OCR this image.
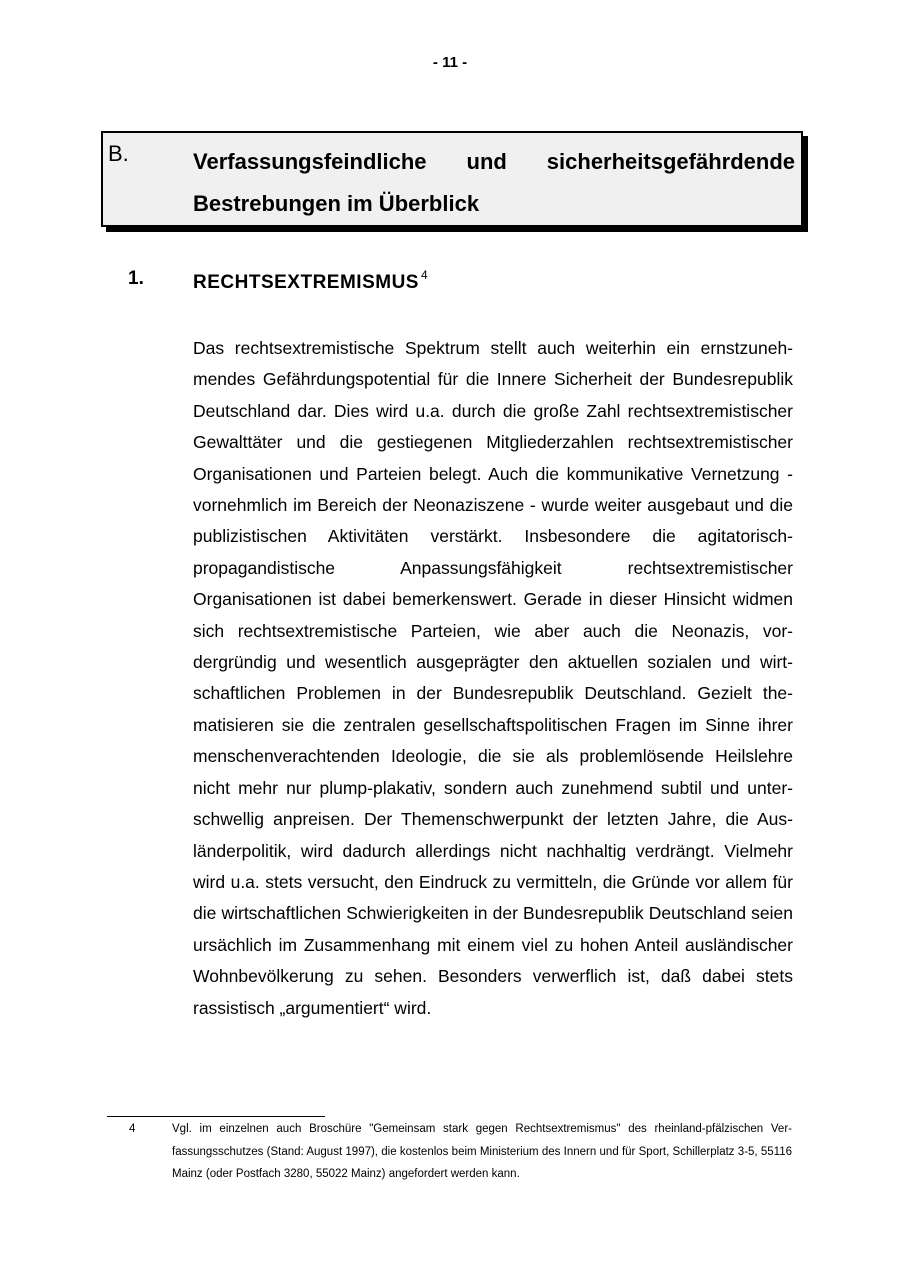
- 11 -
B.	Verfassungsfeindliche und sicherheitsgefährdende
Bestrebungen im Überblick
1.	RECHTSEXTREMISMUS $^4$
Das rechtsextremistische Spektrum stellt auch weiterhin ein ernstzunehmendes Gefährdungspotential für die Innere Sicherheit der Bundesrepublik Deutschland dar. Dies wird u.a. durch die große Zahl rechtsextremistischer Gewalttäter und die gestiegenen Mitgliederzahlen rechtsextremistischer Organisationen und Parteien belegt. Auch die kommunikative Vernetzung - vornehmlich im Bereich der Neonaziszene - wurde weiter ausgebaut und die publizistischen Aktivitäten verstärkt. Insbesondere die agitatorisch-propagandistische Anpassungsfähigkeit rechtsextremistischer Organisationen ist dabei bemerkenswert. Gerade in dieser Hinsicht widmen sich rechtsextremistische Parteien, wie aber auch die Neonazis, vordergründig und wesentlich ausgeprägter den aktuellen sozialen und wirtschaftlichen Problemen in der Bundesrepublik Deutschland. Gezielt thematisieren sie die zentralen gesellschaftspolitischen Fragen im Sinne ihrer menschenverachtenden Ideologie, die sie als problemlösende Heilslehre nicht mehr nur plump-plakativ, sondern auch zunehmend subtil und unterschwellig anpreisen. Der Themenschwerpunkt der letzten Jahre, die Ausländerpolitik, wird dadurch allerdings nicht nachhaltig verdrängt. Vielmehr wird u.a. stets versucht, den Eindruck zu vermitteln, die Gründe vor allem für die wirtschaftlichen Schwierigkeiten in der Bundesrepublik Deutschland seien ursächlich im Zusammenhang mit einem viel zu hohen Anteil ausländischer Wohnbevölkerung zu sehen. Besonders verwerflich ist, daß dabei stets rassistisch „argumentiert“ wird.
4	Vgl. im einzelnen auch Broschüre "Gemeinsam stark gegen Rechtsextremismus" des rheinland-pfälzischen Verfassungsschutzes (Stand: August 1997), die kostenlos beim Ministerium des Innern und für Sport, Schillerplatz 3-5, 55116 Mainz (oder Postfach 3280, 55022 Mainz) angefordert werden kann.
